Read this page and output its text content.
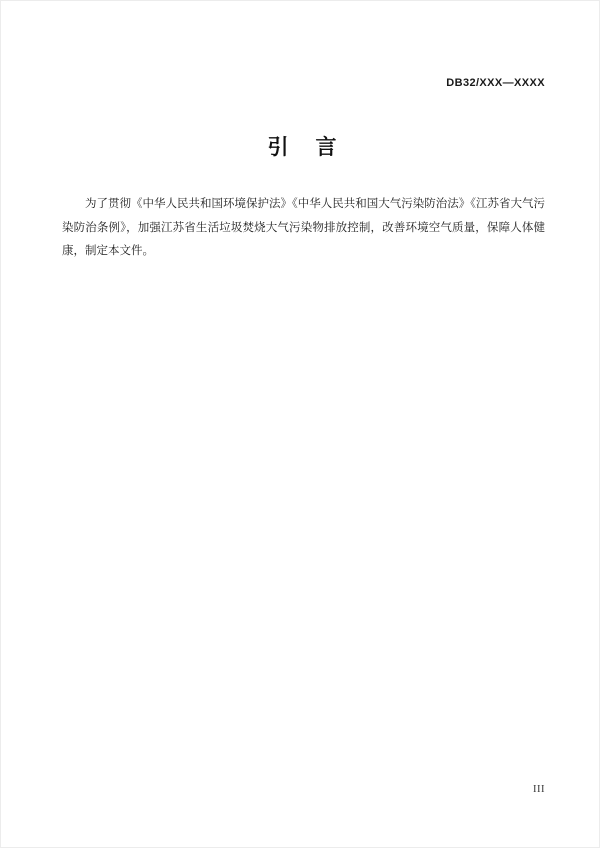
DB32/XXX—XXXX
引　言

为了贯彻《中华人民共和国环境保护法》《中华人民共和国大气污染防治法》《江苏省大气污染防治条例》，加强江苏省生活垃圾焚烧大气污染物排放控制，改善环境空气质量，保障人体健康，制定本文件。

III
